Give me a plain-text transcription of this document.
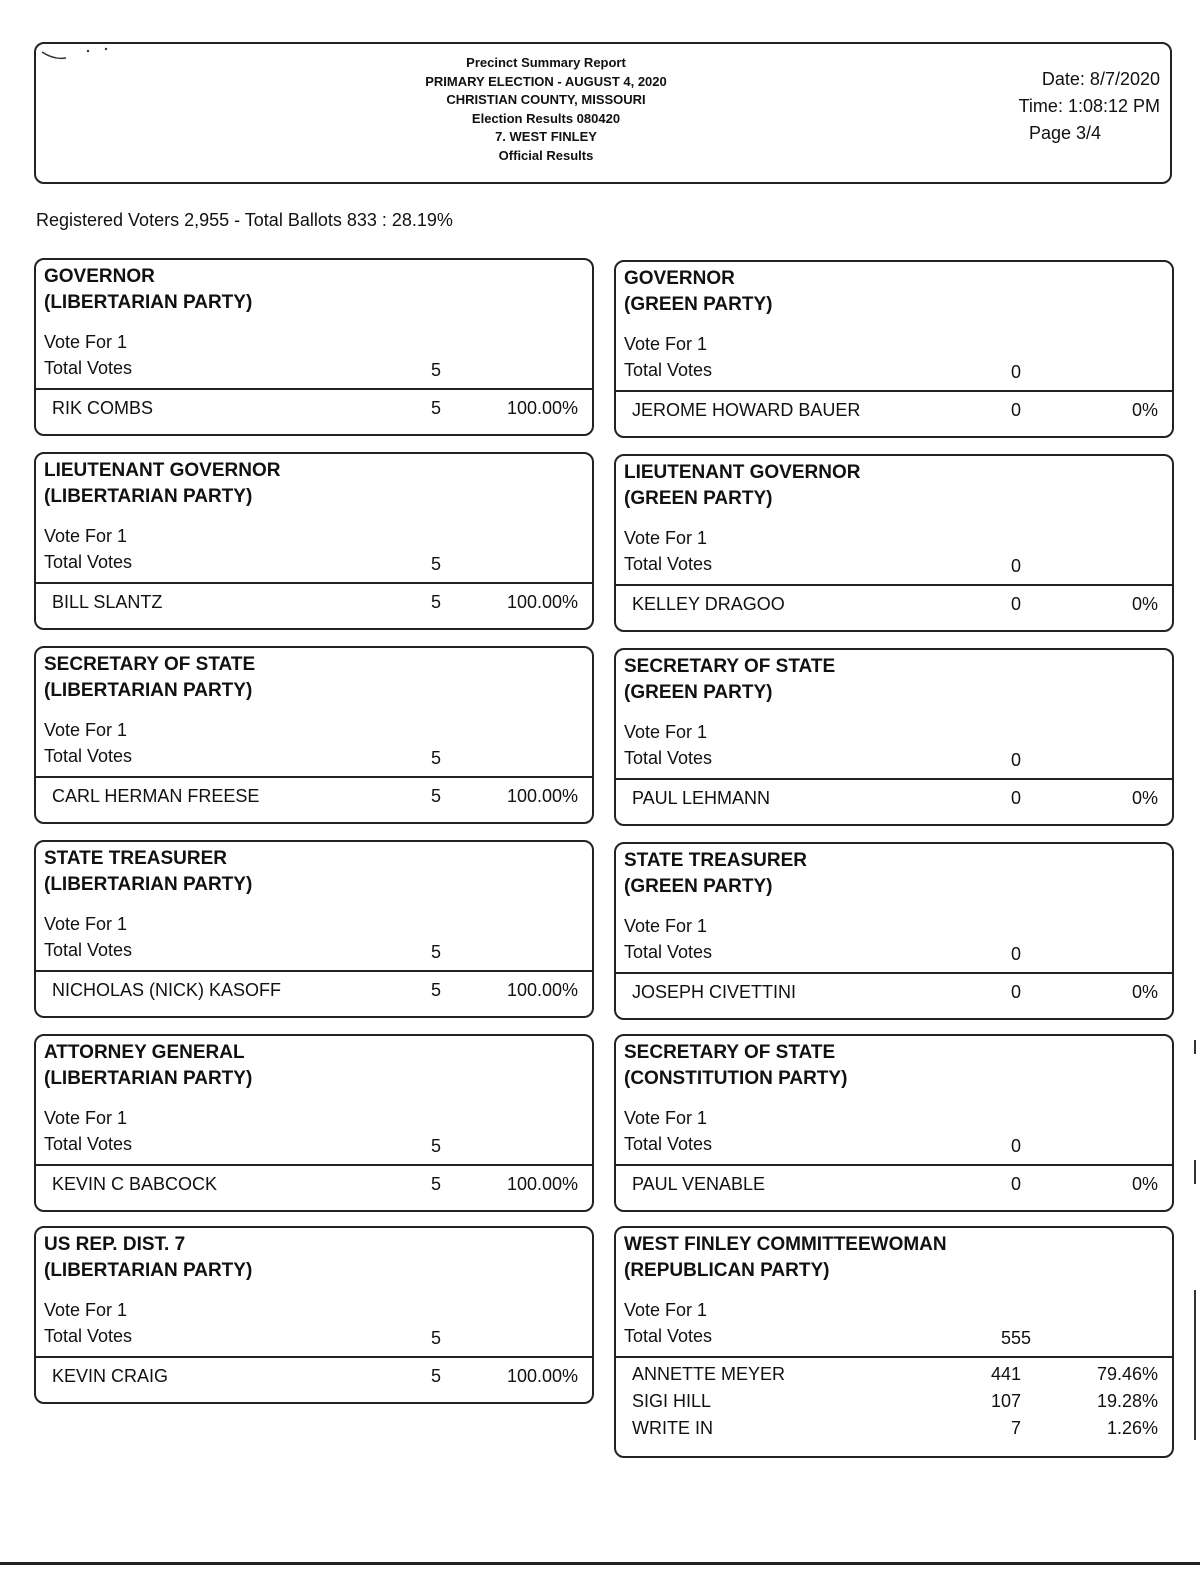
Precinct Summary Report
PRIMARY ELECTION - AUGUST 4, 2020
CHRISTIAN COUNTY, MISSOURI
Election Results 080420
7. WEST FINLEY
Official Results
Date: 8/7/2020
Time: 1:08:12 PM
Page 3/4
Registered Voters 2,955 - Total Ballots 833 : 28.19%
GOVERNOR
(LIBERTARIAN PARTY)
Vote For 1
Total Votes	5
RIK COMBS	5	100.00%
LIEUTENANT GOVERNOR
(LIBERTARIAN PARTY)
Vote For 1
Total Votes	5
BILL SLANTZ	5	100.00%
SECRETARY OF STATE
(LIBERTARIAN PARTY)
Vote For 1
Total Votes	5
CARL HERMAN FREESE	5	100.00%
STATE TREASURER
(LIBERTARIAN PARTY)
Vote For 1
Total Votes	5
NICHOLAS (NICK) KASOFF	5	100.00%
ATTORNEY GENERAL
(LIBERTARIAN PARTY)
Vote For 1
Total Votes	5
KEVIN C BABCOCK	5	100.00%
US REP. DIST. 7
(LIBERTARIAN PARTY)
Vote For 1
Total Votes	5
KEVIN CRAIG	5	100.00%
GOVERNOR
(GREEN PARTY)
Vote For 1
Total Votes	0
JEROME HOWARD BAUER	0	0%
LIEUTENANT GOVERNOR
(GREEN PARTY)
Vote For 1
Total Votes	0
KELLEY DRAGOO	0	0%
SECRETARY OF STATE
(GREEN PARTY)
Vote For 1
Total Votes	0
PAUL LEHMANN	0	0%
STATE TREASURER
(GREEN PARTY)
Vote For 1
Total Votes	0
JOSEPH CIVETTINI	0	0%
SECRETARY OF STATE
(CONSTITUTION PARTY)
Vote For 1
Total Votes	0
PAUL VENABLE	0	0%
WEST FINLEY COMMITTEEWOMAN
(REPUBLICAN PARTY)
Vote For 1
Total Votes	555
ANNETTE MEYER	441	79.46%
SIGI HILL	107	19.28%
WRITE IN	7	1.26%
